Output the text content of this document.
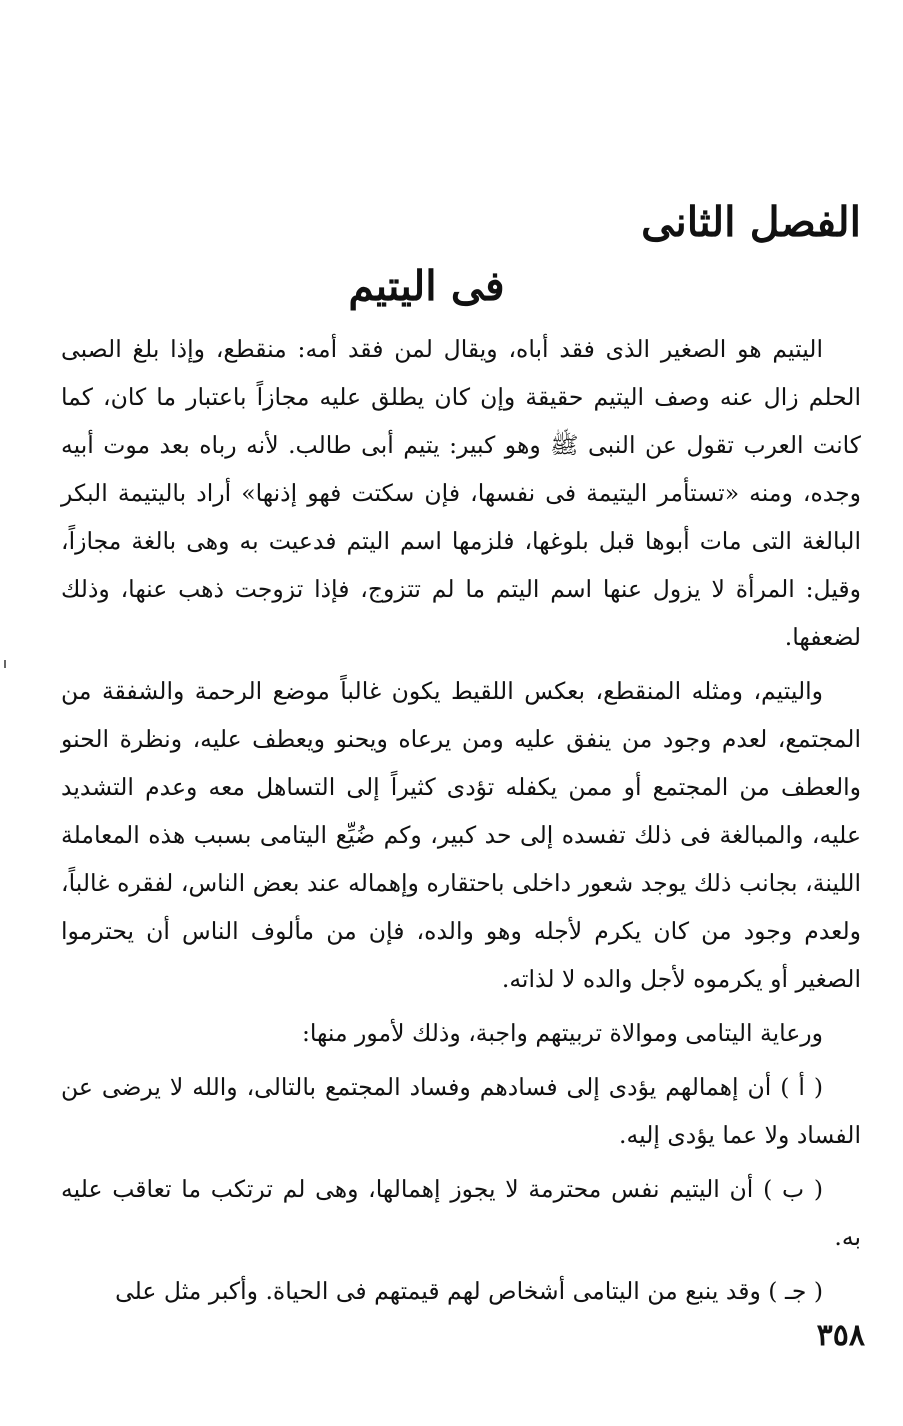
الفصل الثانى
فى اليتيم

اليتيم هو الصغير الذى فقد أباه، ويقال لمن فقد أمه: منقطع، وإذا بلغ الصبى الحلم زال عنه وصف اليتيم حقيقة وإن كان يطلق عليه مجازاً باعتبار ما كان، كما كانت العرب تقول عن النبى ﷺ وهو كبير: يتيم أبى طالب. لأنه رباه بعد موت أبيه وجده، ومنه «تستأمر اليتيمة فى نفسها، فإن سكتت فهو إذنها» أراد باليتيمة البكر البالغة التى مات أبوها قبل بلوغها، فلزمها اسم اليتم فدعيت به وهى بالغة مجازاً، وقيل: المرأة لا يزول عنها اسم اليتم ما لم تتزوج، فإذا تزوجت ذهب عنها، وذلك لضعفها.

واليتيم، ومثله المنقطع، بعكس اللقيط يكون غالباً موضع الرحمة والشفقة من المجتمع، لعدم وجود من ينفق عليه ومن يرعاه ويحنو ويعطف عليه، ونظرة الحنو والعطف من المجتمع أو ممن يكفله تؤدى كثيراً إلى التساهل معه وعدم التشديد عليه، والمبالغة فى ذلك تفسده إلى حد كبير، وكم ضُيِّع اليتامى بسبب هذه المعاملة اللينة، بجانب ذلك يوجد شعور داخلى باحتقاره وإهماله عند بعض الناس، لفقره غالباً، ولعدم وجود من كان يكرم لأجله وهو والده، فإن من مألوف الناس أن يحترموا الصغير أو يكرموه لأجل والده لا لذاته.

ورعاية اليتامى وموالاة تربيتهم واجبة، وذلك لأمور منها:

( أ ) أن إهمالهم يؤدى إلى فسادهم وفساد المجتمع بالتالى، والله لا يرضى عن الفساد ولا عما يؤدى إليه.

( ب ) أن اليتيم نفس محترمة لا يجوز إهمالها، وهى لم ترتكب ما تعاقب عليه به.

( جـ ) وقد ينبع من اليتامى أشخاص لهم قيمتهم فى الحياة. وأكبر مثل على

٣٥٨
